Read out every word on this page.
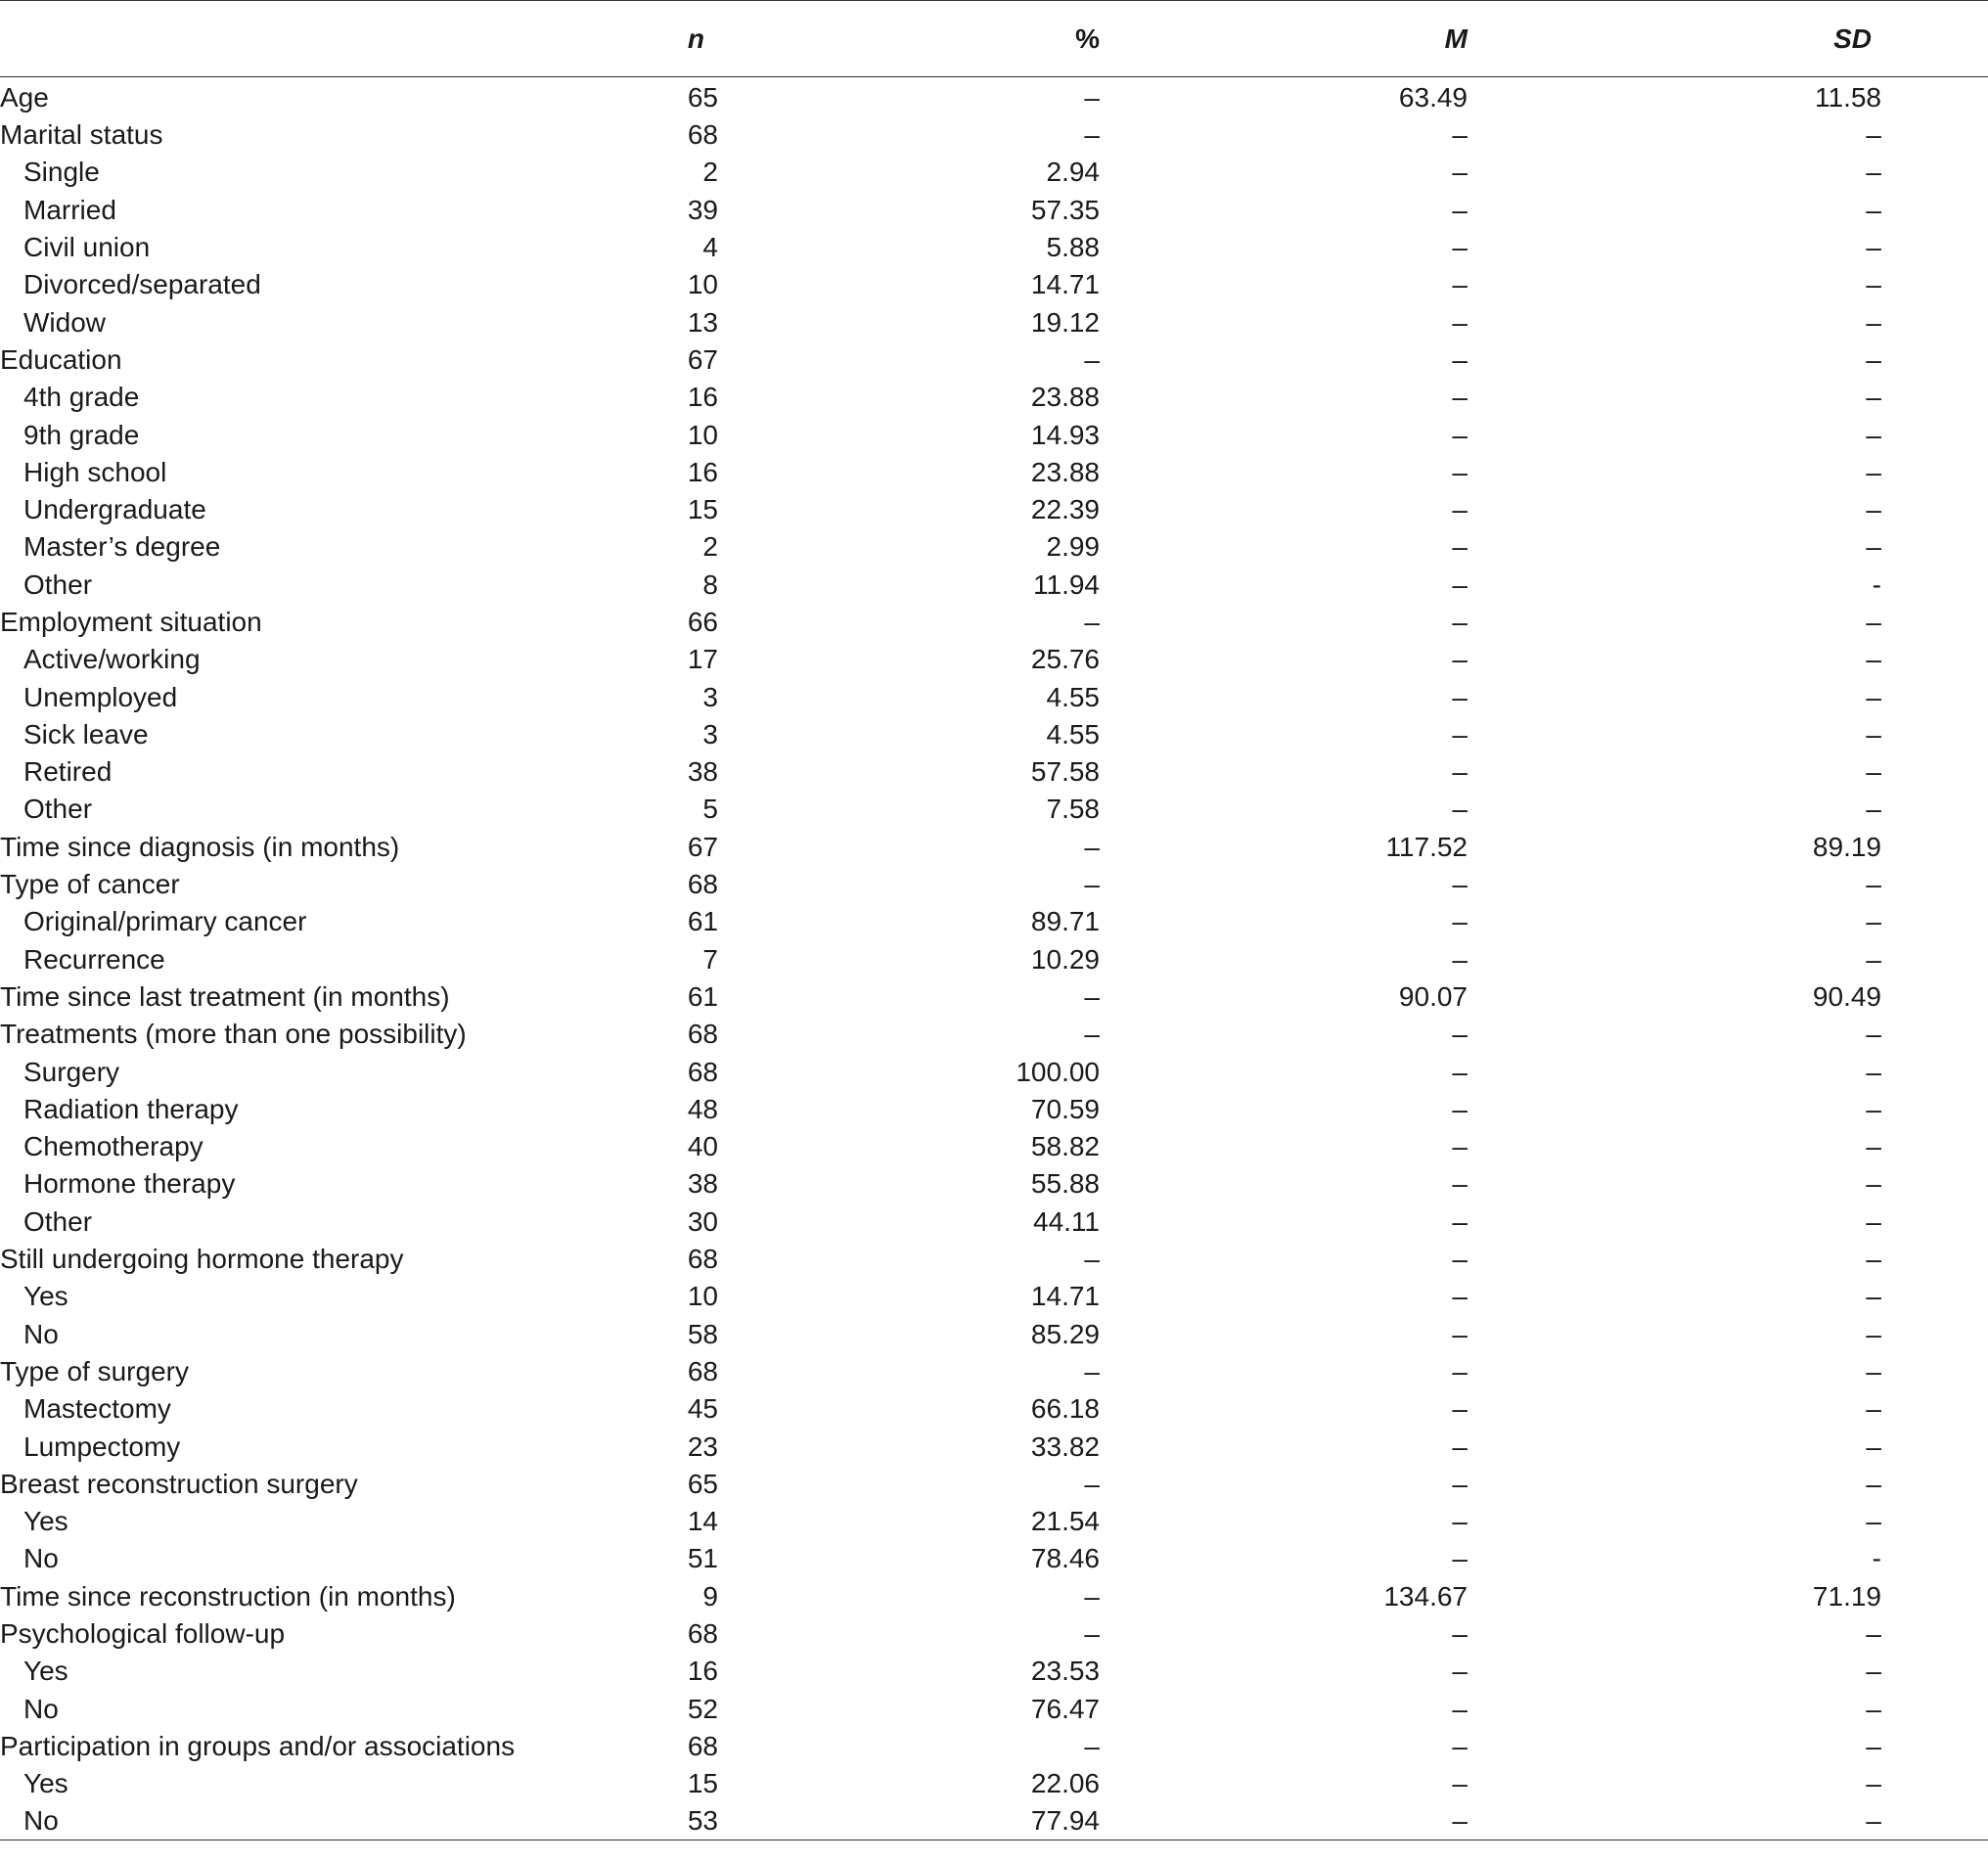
	n	%	M	SD
Age	65	–	63.49	11.58
Marital status	68	–	–	–
Single	2	2.94	–	–
Married	39	57.35	–	–
Civil union	4	5.88	–	–
Divorced/separated	10	14.71	–	–
Widow	13	19.12	–	–
Education	67	–	–	–
4th grade	16	23.88	–	–
9th grade	10	14.93	–	–
High school	16	23.88	–	–
Undergraduate	15	22.39	–	–
Master’s degree	2	2.99	–	–
Other	8	11.94	–	-
Employment situation	66	–	–	–
Active/working	17	25.76	–	–
Unemployed	3	4.55	–	–
Sick leave	3	4.55	–	–
Retired	38	57.58	–	–
Other	5	7.58	–	–
Time since diagnosis (in months)	67	–	117.52	89.19
Type of cancer	68	–	–	–
Original/primary cancer	61	89.71	–	–
Recurrence	7	10.29	–	–
Time since last treatment (in months)	61	–	90.07	90.49
Treatments (more than one possibility)	68	–	–	–
Surgery	68	100.00	–	–
Radiation therapy	48	70.59	–	–
Chemotherapy	40	58.82	–	–
Hormone therapy	38	55.88	–	–
Other	30	44.11	–	–
Still undergoing hormone therapy	68	–	–	–
Yes	10	14.71	–	–
No	58	85.29	–	–
Type of surgery	68	–	–	–
Mastectomy	45	66.18	–	–
Lumpectomy	23	33.82	–	–
Breast reconstruction surgery	65	–	–	–
Yes	14	21.54	–	–
No	51	78.46	–	-
Time since reconstruction (in months)	9	–	134.67	71.19
Psychological follow-up	68	–	–	–
Yes	16	23.53	–	–
No	52	76.47	–	–
Participation in groups and/or associations	68	–	–	–
Yes	15	22.06	–	–
No	53	77.94	–	–
